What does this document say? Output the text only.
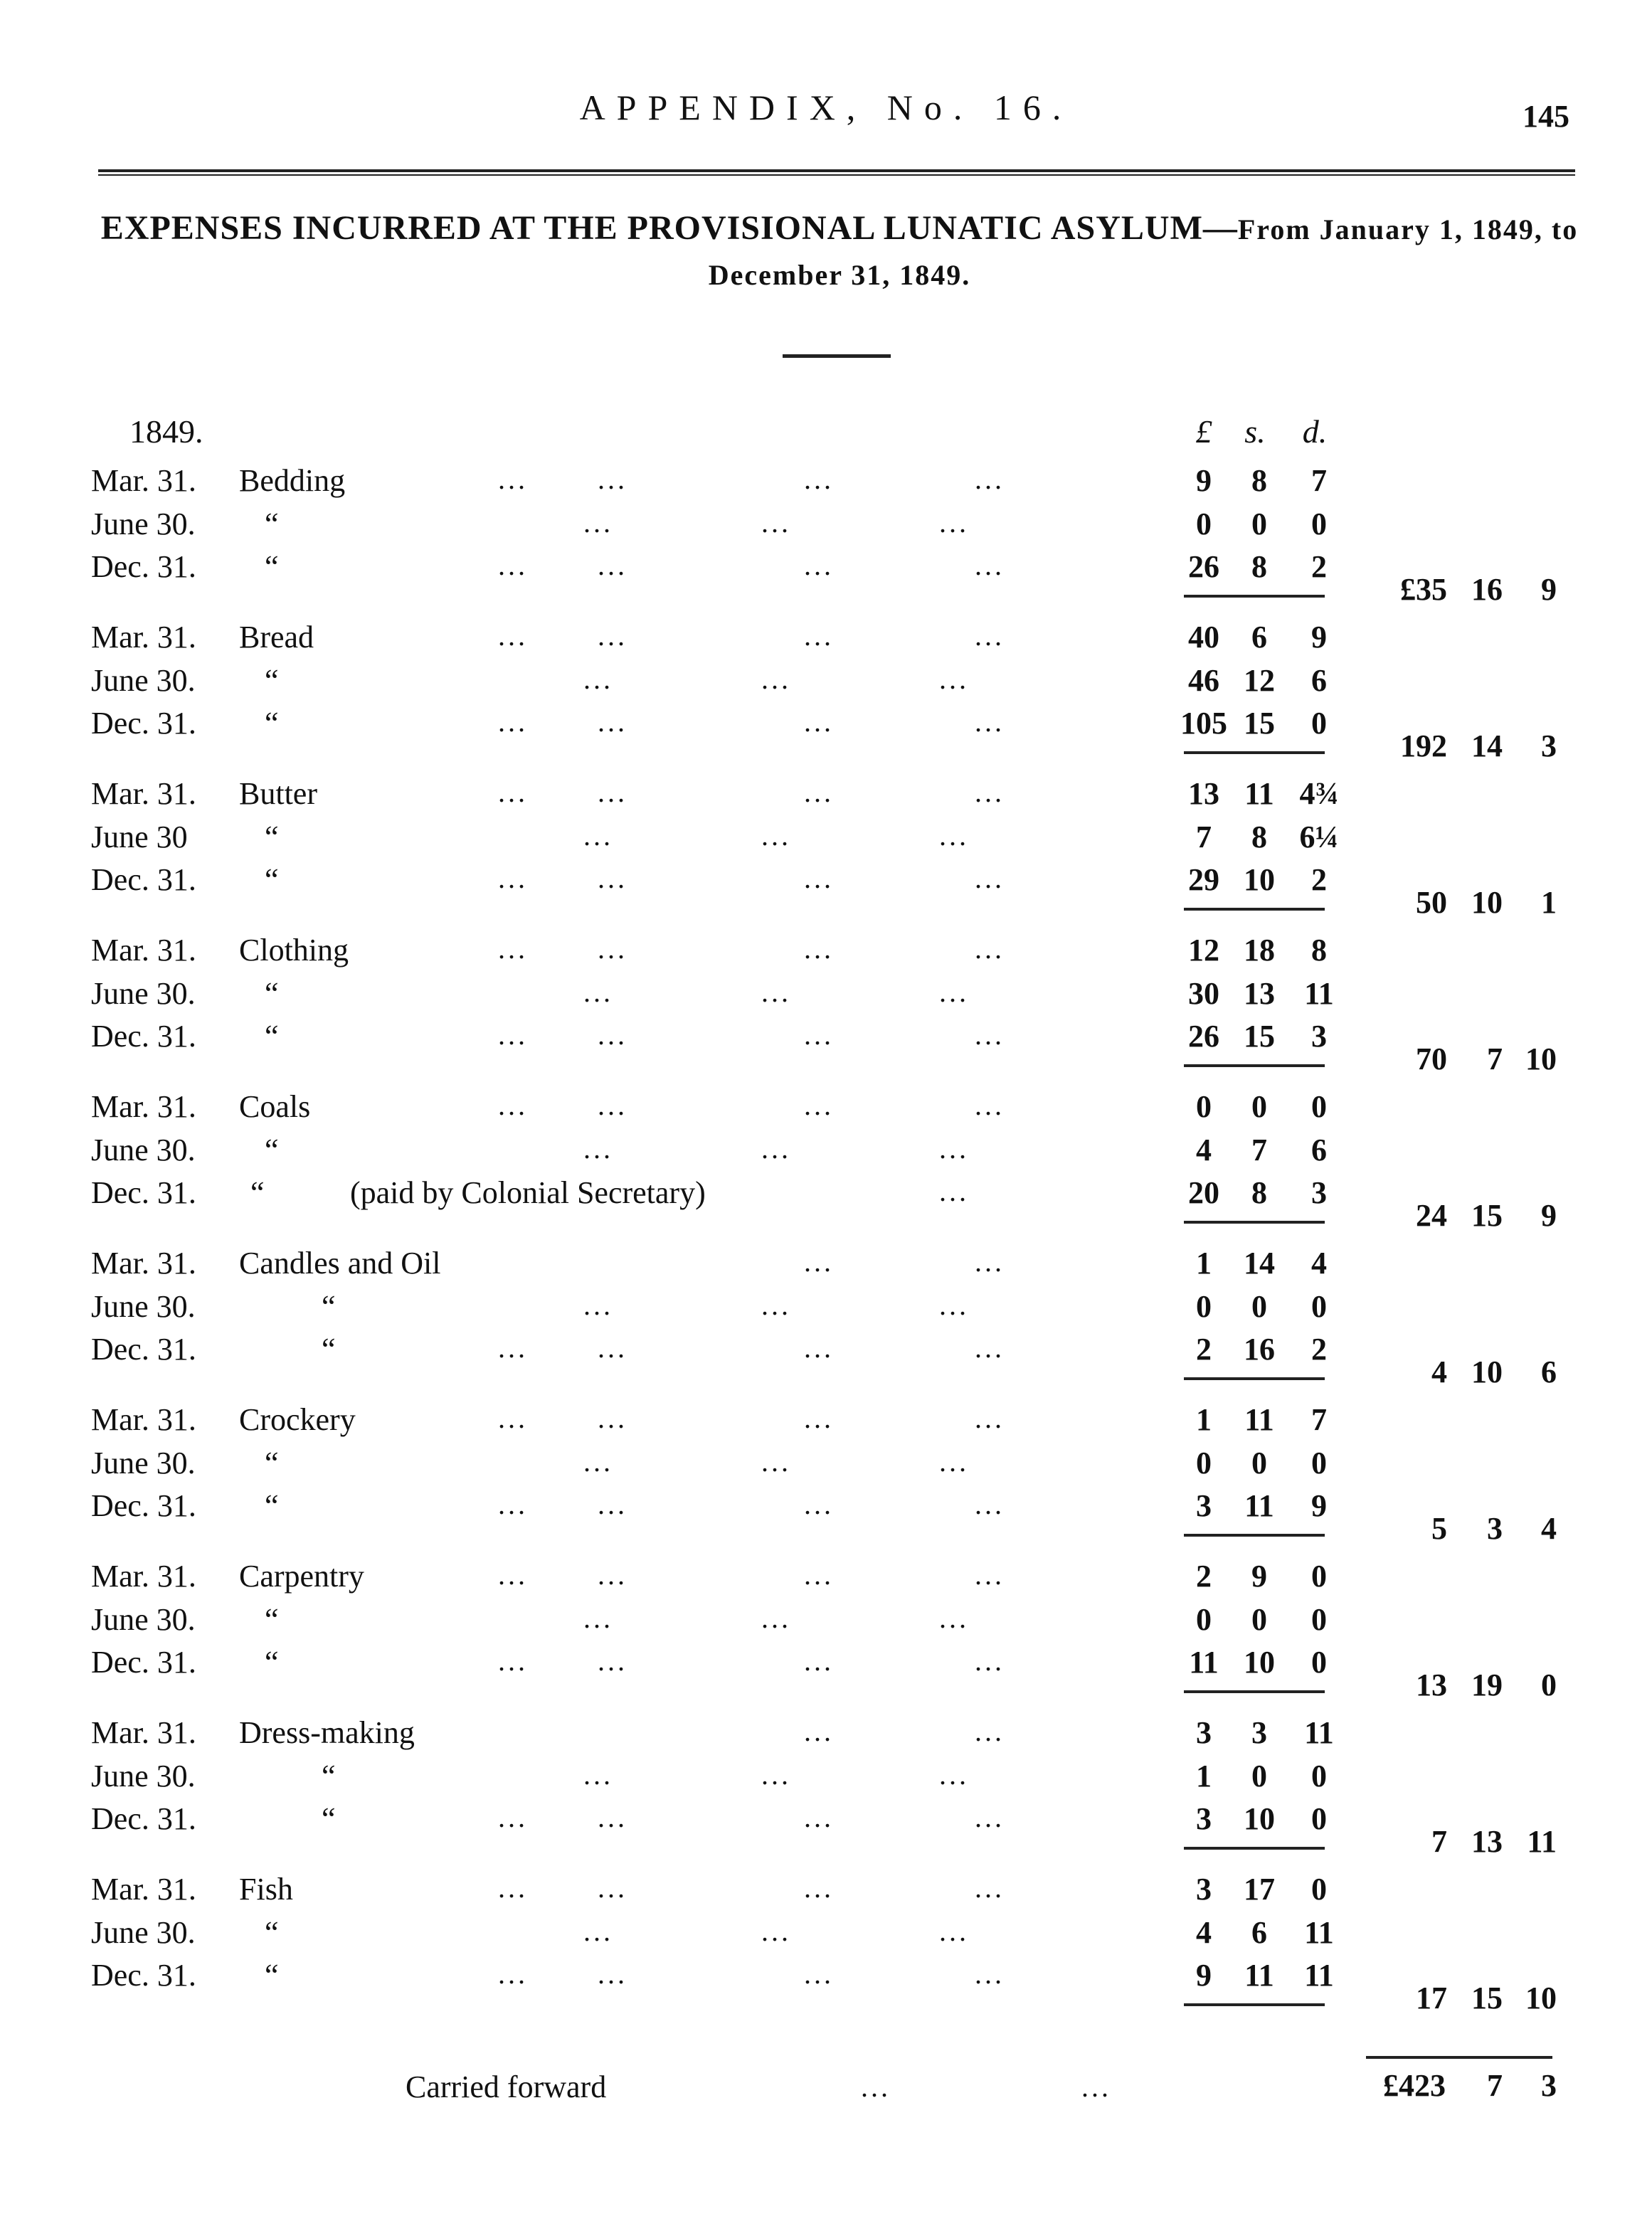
APPENDIX, No. 16.	145
EXPENSES INCURRED AT THE PROVISIONAL LUNATIC ASYLUM—From January 1, 1849, to December 31, 1849.
1849.	£ s.	d.
Mar. 31. Bedding	... ...	...	...	9	8	7
June 30. “	...	...	...	0	0	0
Dec. 31. “	... ...	...	...	26	8	2
£35 16	9
Mar. 31. Bread	... ...	...	...	40	6	9
June 30. “	...	...	...	46 12	6
Dec. 31. “	... ...	...	...	105 15	0
192 14	3
Mar. 31. Butter	... ...	...	...	13 11 4¾
June 30 “	...	...	...	7	8	6¼
Dec. 31. “	... ...	...	...	29 10	2
50 10	1
Mar. 31. Clothing	... ...	...	...	12 18	8
June 30. “	...	...	...	30 13 11
Dec. 31. “	... ...	...	...	26 15	3
70	7 10
Mar. 31. Coals	... ...	...	...	0	0	0
June 30. “	...	...	...	4	7	6
Dec. 31. “	(paid by Colonial Secretary)	...	20	8	3
24 15	9
Mar. 31. Candles and Oil	...	...	1	14	4
June 30.	“	...	...	...	0	0	0
Dec. 31.	“	... ...	...	...	2	16	2
4 10	6
Mar. 31. Crockery	... ...	...	...	1	11	7
June 30. “	...	...	...	0	0	0
Dec. 31. “	... ...	...	...	3	11	9
5	3	4
Mar. 31. Carpentry	... ...	...	...	2	9	0
June 30. “	...	...	...	0	0	0
Dec. 31. “	... ...	...	...	11 10	0
13 19	0
Mar. 31. Dress-making	...	...	3	3	11
June 30.	“	...	...	...	1	0	0
Dec. 31.	“	... ...	...	...	3	10	0
7 13 11
Mar. 31. Fish	... ...	...	...	3	17	0
June 30. “	...	...	...	4	6	11
Dec. 31. “	... ...	...	...	9	11 11
17 15 10
Carried forward	...	...	£423	7	3
